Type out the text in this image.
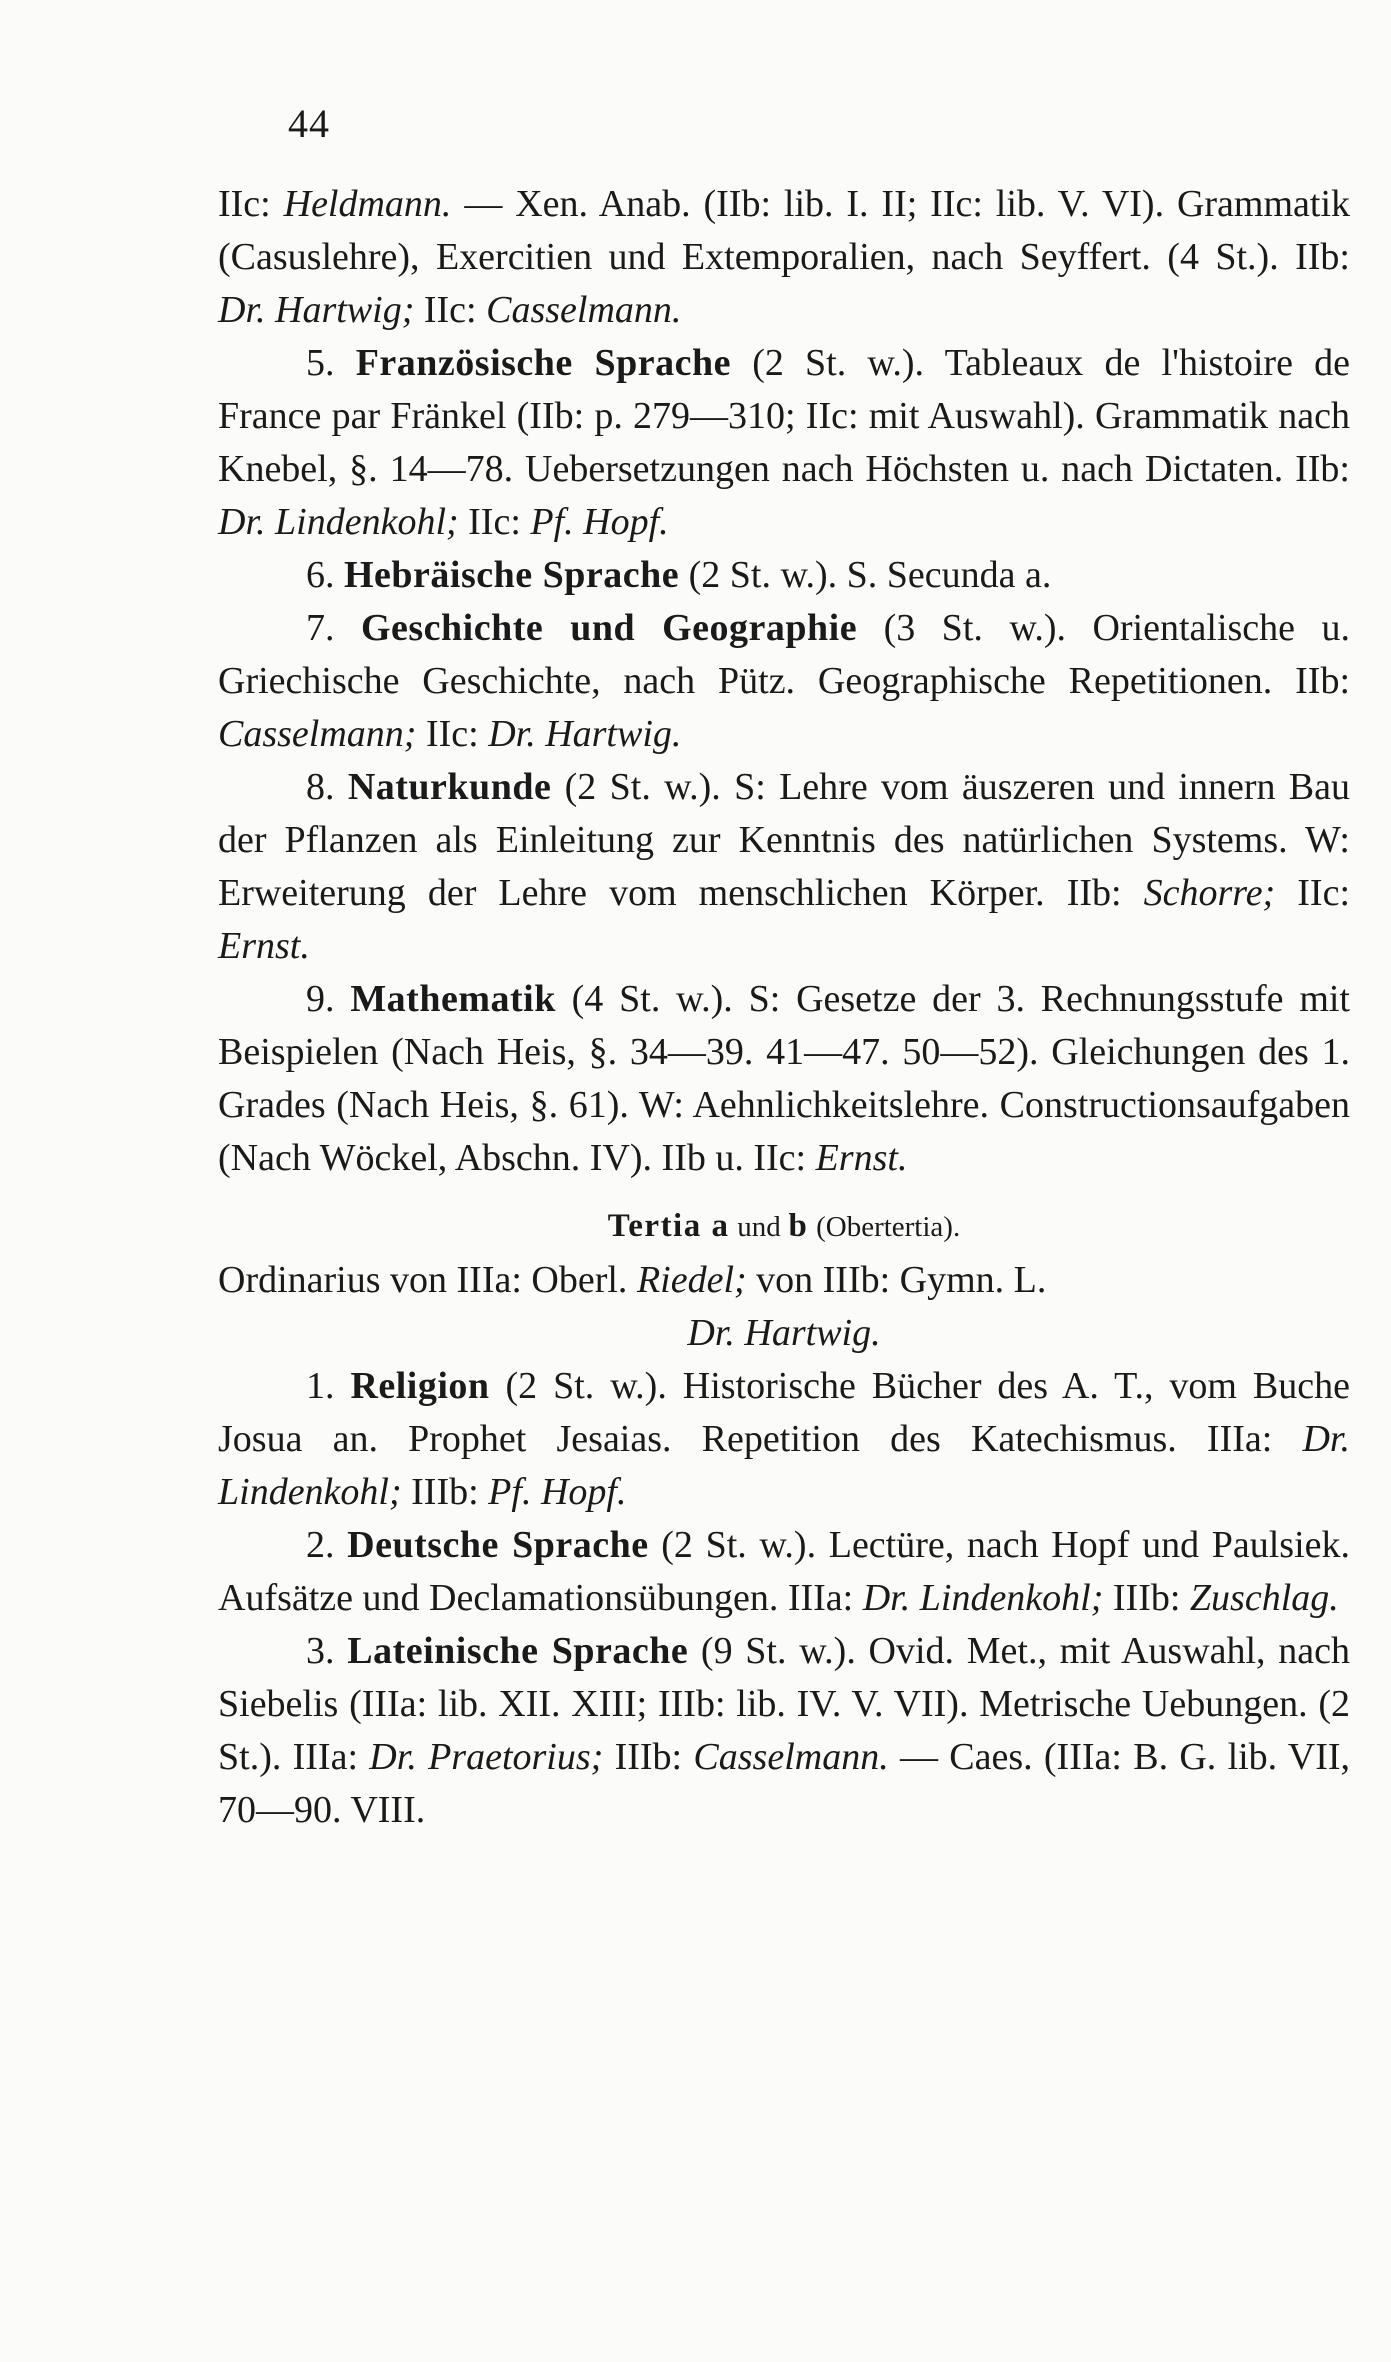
44

IIc: Heldmann. — Xen. Anab. (IIb: lib. I. II; IIc: lib. V. VI). Grammatik (Casuslehre), Exercitien und Extemporalien, nach Seyffert. (4 St.). IIb: Dr. Hartwig; IIc: Casselmann.

5. Französische Sprache (2 St. w.). Tableaux de l'histoire de France par Fränkel (IIb: p. 279—310; IIc: mit Auswahl). Grammatik nach Knebel, §. 14—78. Uebersetzungen nach Höchsten u. nach Dictaten. IIb: Dr. Lindenkohl; IIc: Pf. Hopf.

6. Hebräische Sprache (2 St. w.). S. Secunda a.

7. Geschichte und Geographie (3 St. w.). Orientalische u. Griechische Geschichte, nach Pütz. Geographische Repetitionen. IIb: Casselmann; IIc: Dr. Hartwig.

8. Naturkunde (2 St. w.). S: Lehre vom äuszeren und innern Bau der Pflanzen als Einleitung zur Kenntnis des natürlichen Systems. W: Erweiterung der Lehre vom menschlichen Körper. IIb: Schorre; IIc: Ernst.

9. Mathematik (4 St. w.). S: Gesetze der 3. Rechnungsstufe mit Beispielen (Nach Heis, §. 34—39. 41—47. 50—52). Gleichungen des 1. Grades (Nach Heis, §. 61). W: Aehnlichkeitslehre. Constructionsaufgaben (Nach Wöckel, Abschn. IV). IIb u. IIc: Ernst.

Tertia a und b (Obertertia).

Ordinarius von IIIa: Oberl. Riedel; von IIIb: Gymn. L.

Dr. Hartwig.

1. Religion (2 St. w.). Historische Bücher des A. T., vom Buche Josua an. Prophet Jesaias. Repetition des Katechismus. IIIa: Dr. Lindenkohl; IIIb: Pf. Hopf.

2. Deutsche Sprache (2 St. w.). Lectüre, nach Hopf und Paulsiek. Aufsätze und Declamationsübungen. IIIa: Dr. Lindenkohl; IIIb: Zuschlag.

3. Lateinische Sprache (9 St. w.). Ovid. Met., mit Auswahl, nach Siebelis (IIIa: lib. XII. XIII; IIIb: lib. IV. V. VII). Metrische Uebungen. (2 St.). IIIa: Dr. Praetorius; IIIb: Casselmann. — Caes. (IIIa: B. G. lib. VII, 70—90. VIII.
